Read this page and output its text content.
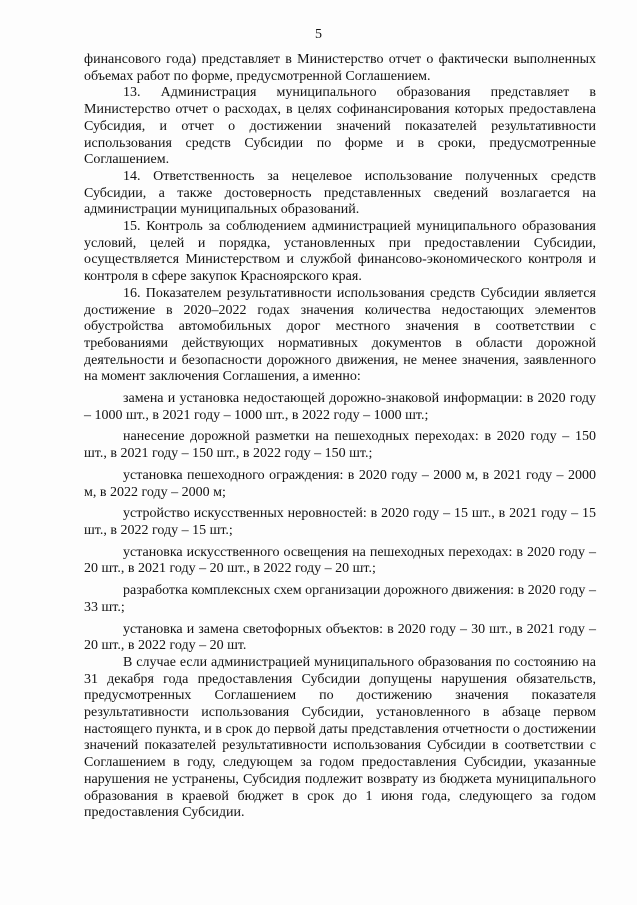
5

финансового года) представляет в Министерство отчет о фактически выполненных объемах работ по форме, предусмотренной Соглашением.

13. Администрация муниципального образования представляет в Министерство отчет о расходах, в целях софинансирования которых предоставлена Субсидия, и отчет о достижении значений показателей результативности использования средств Субсидии по форме и в сроки, предусмотренные Соглашением.

14. Ответственность за нецелевое использование полученных средств Субсидии, а также достоверность представленных сведений возлагается на администрации муниципальных образований.

15. Контроль за соблюдением администрацией муниципального образования условий, целей и порядка, установленных при предоставлении Субсидии, осуществляется Министерством и службой финансово-экономического контроля и контроля в сфере закупок Красноярского края.

16. Показателем результативности использования средств Субсидии является достижение в 2020–2022 годах значения количества недостающих элементов обустройства автомобильных дорог местного значения в соответствии с требованиями действующих нормативных документов в области дорожной деятельности и безопасности дорожного движения, не менее значения, заявленного на момент заключения Соглашения, а именно:

замена и установка недостающей дорожно-знаковой информации: в 2020 году – 1000 шт., в 2021 году – 1000 шт., в 2022 году – 1000 шт.;

нанесение дорожной разметки на пешеходных переходах: в 2020 году – 150 шт., в 2021 году – 150 шт., в 2022 году – 150 шт.;

установка пешеходного ограждения: в 2020 году – 2000 м, в 2021 году – 2000 м, в 2022 году – 2000 м;

устройство искусственных неровностей: в 2020 году – 15 шт., в 2021 году – 15 шт., в 2022 году – 15 шт.;

установка искусственного освещения на пешеходных переходах: в 2020 году – 20 шт., в 2021 году – 20 шт., в 2022 году – 20 шт.;

разработка комплексных схем организации дорожного движения: в 2020 году – 33 шт.;

установка и замена светофорных объектов: в 2020 году – 30 шт., в 2021 году – 20 шт., в 2022 году – 20 шт.

В случае если администрацией муниципального образования по состоянию на 31 декабря года предоставления Субсидии допущены нарушения обязательств, предусмотренных Соглашением по достижению значения показателя результативности использования Субсидии, установленного в абзаце первом настоящего пункта, и в срок до первой даты представления отчетности о достижении значений показателей результативности использования Субсидии в соответствии с Соглашением в году, следующем за годом предоставления Субсидии, указанные нарушения не устранены, Субсидия подлежит возврату из бюджета муниципального образования в краевой бюджет в срок до 1 июня года, следующего за годом предоставления Субсидии.
